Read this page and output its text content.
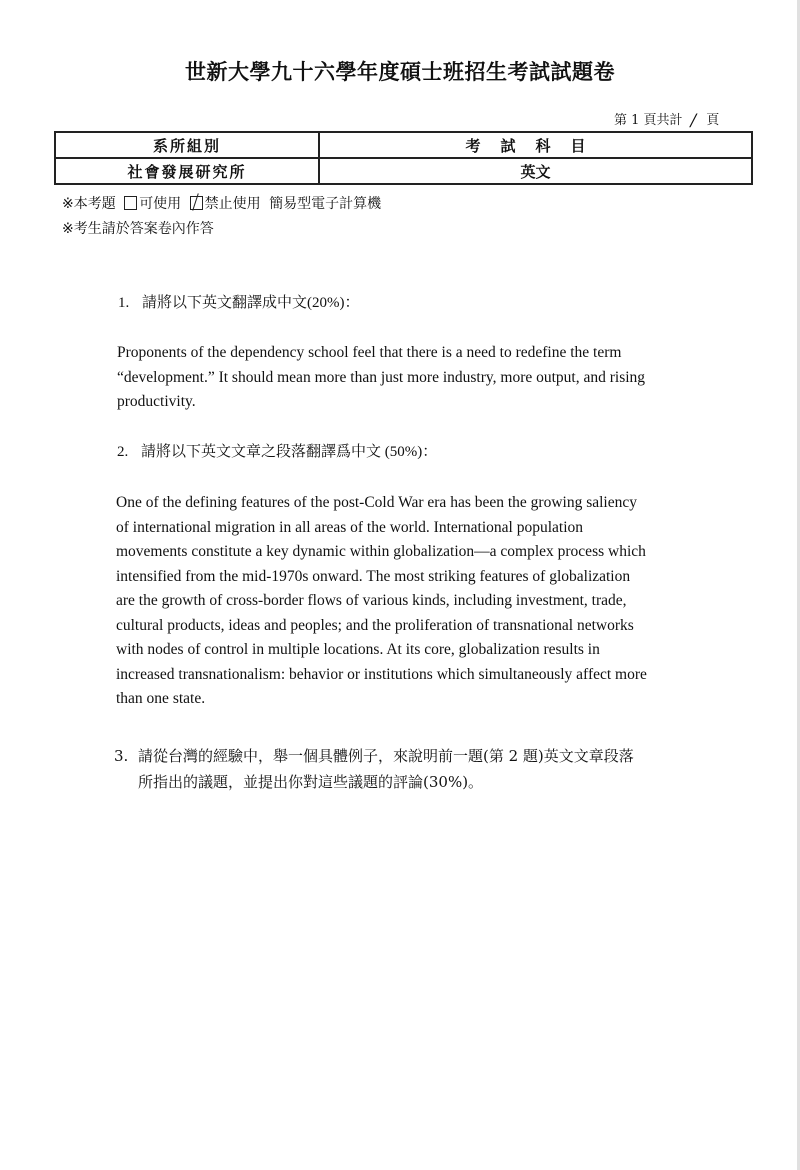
世新大學九十六學年度碩士班招生考試試題卷
第 1 頁共計 / 頁
系所組別	考試科目
社會發展研究所	英文
※本考題 可使用 禁止使用 簡易型電子計算機
※考生請於答案卷內作答
1. 請將以下英文翻譯成中文(20%)：
Proponents of the dependency school feel that there is a need to redefine the term
“development.” It should mean more than just more industry, more output, and rising
productivity.
2. 請將以下英文文章之段落翻譯爲中文 (50%)：
One of the defining features of the post-Cold War era has been the growing saliency
of international migration in all areas of the world. International population
movements constitute a key dynamic within globalization—a complex process which
intensified from the mid-1970s onward. The most striking features of globalization
are the growth of cross-border flows of various kinds, including investment, trade,
cultural products, ideas and peoples; and the proliferation of transnational networks
with nodes of control in multiple locations. At its core, globalization results in
increased transnationalism: behavior or institutions which simultaneously affect more
than one state.
3. 請從台灣的經驗中，舉一個具體例子，來說明前一題(第 2 題)英文文章段落
所指出的議題，並提出你對這些議題的評論(30%)。
